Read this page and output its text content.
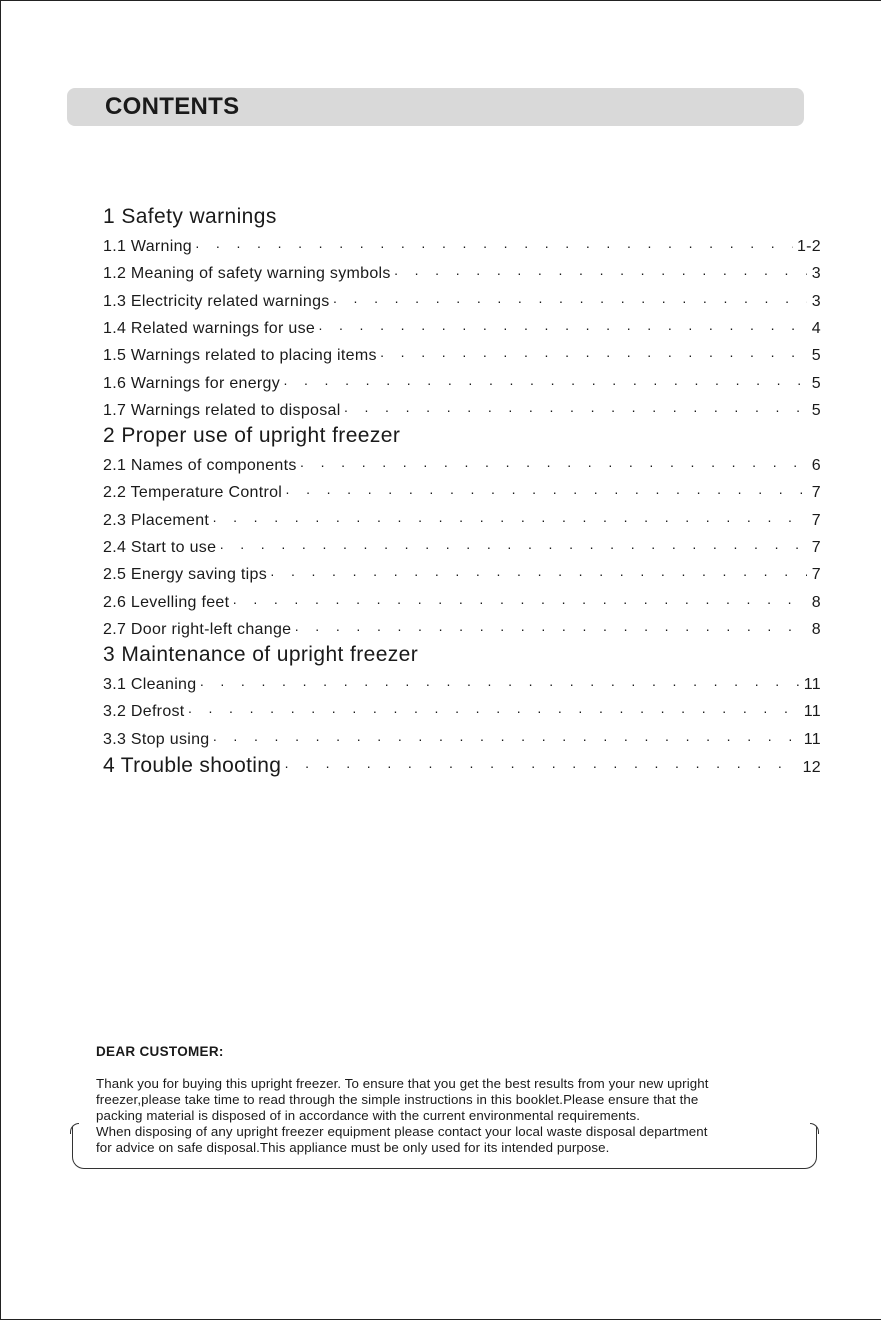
CONTENTS
1 Safety warnings
1.1 Warning · · ·	1-2
1.2 Meaning of safety warning symbols · · ·	3
1.3 Electricity related warnings · · ·	3
1.4 Related warnings for use · · ·	4
1.5 Warnings related to placing items · · ·	5
1.6 Warnings for energy · · ·	5
1.7 Warnings related to disposal · · ·	5
2 Proper use of upright freezer
2.1 Names of components · · ·	6
2.2 Temperature Control · · ·	7
2.3 Placement · · ·	7
2.4 Start to use · · ·	7
2.5 Energy saving tips · · ·	7
2.6 Levelling feet · · ·	8
2.7 Door right-left change · · ·	8
3 Maintenance of upright freezer
3.1 Cleaning · · ·	11
3.2 Defrost · · ·	11
3.3 Stop using · · ·	11
4 Trouble shooting · · ·	12
DEAR CUSTOMER:
Thank you for buying this upright freezer. To ensure that you get the best results from your new upright
freezer,please take time to read through the simple instructions in this booklet.Please ensure that the
packing material is disposed of in accordance with the current environmental requirements.
When disposing of any upright freezer equipment please contact your local waste disposal department
for advice on safe disposal.This appliance must be only used for its intended purpose.
